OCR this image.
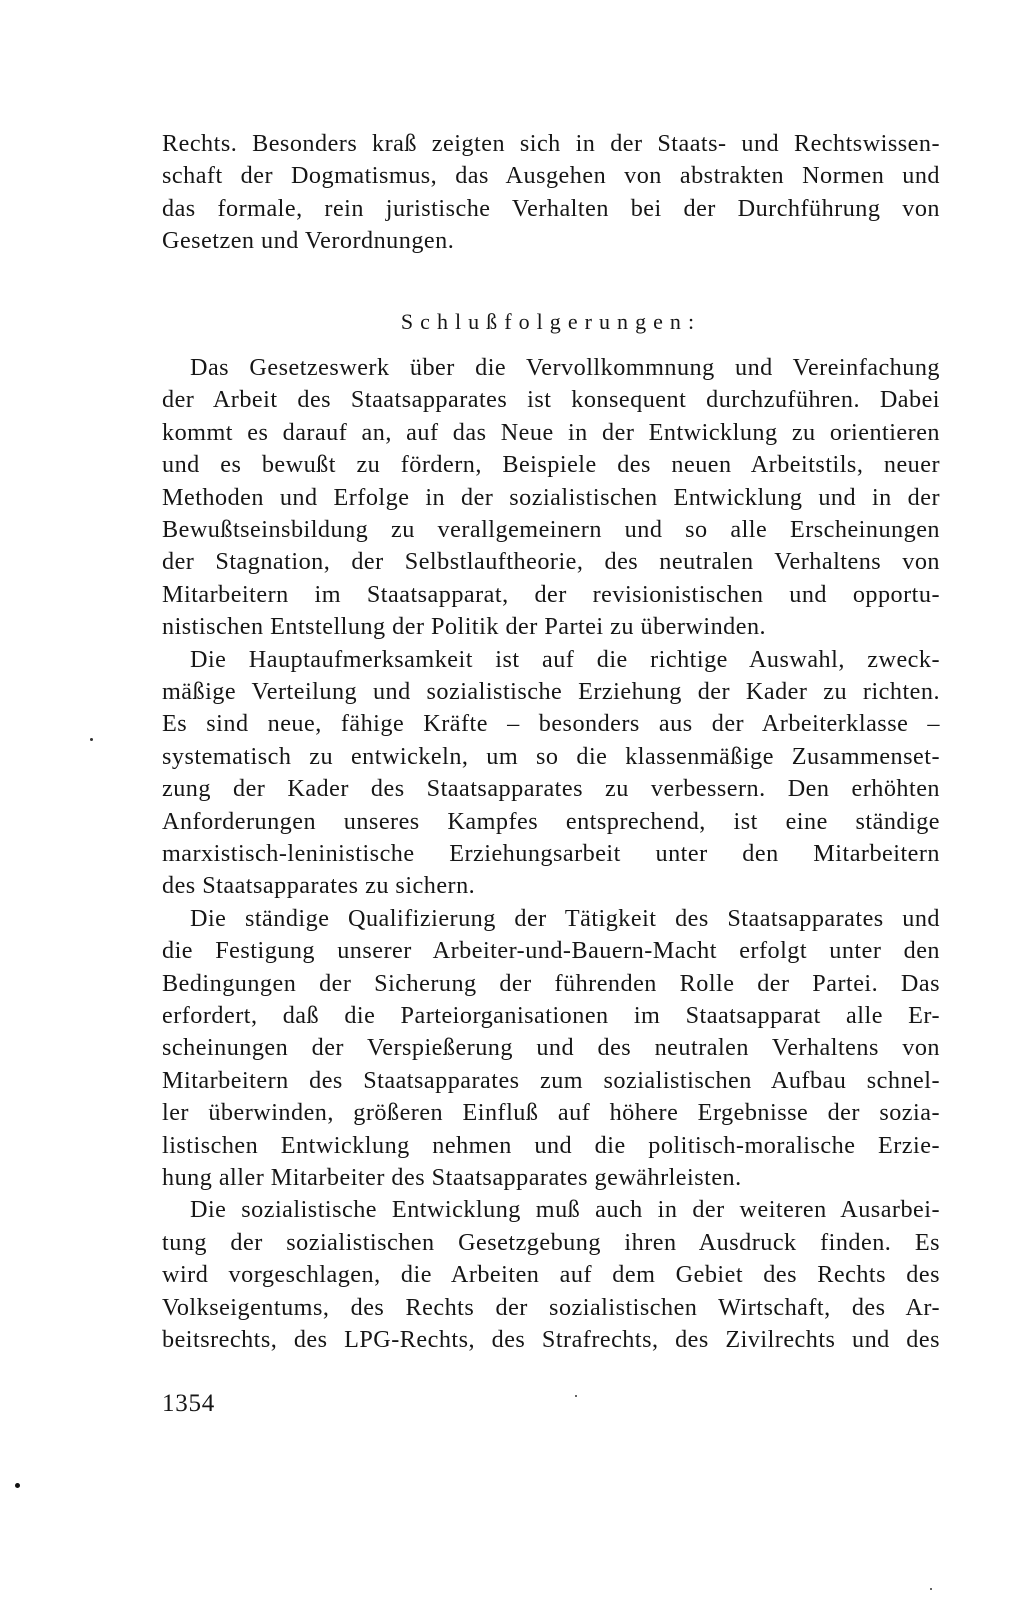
Rechts. Besonders kraß zeigten sich in der Staats- und Rechtswissen-
schaft der Dogmatismus, das Ausgehen von abstrakten Normen und
das formale, rein juristische Verhalten bei der Durchführung von
Gesetzen und Verordnungen.
Schlußfolgerungen:
Das Gesetzeswerk über die Vervollkommnung und Vereinfachung
der Arbeit des Staatsapparates ist konsequent durchzuführen. Dabei
kommt es darauf an, auf das Neue in der Entwicklung zu orientieren
und es bewußt zu fördern, Beispiele des neuen Arbeitstils, neuer
Methoden und Erfolge in der sozialistischen Entwicklung und in der
Bewußtseinsbildung zu verallgemeinern und so alle Erscheinungen
der Stagnation, der Selbstlauftheorie, des neutralen Verhaltens von
Mitarbeitern im Staatsapparat, der revisionistischen und opportu-
nistischen Entstellung der Politik der Partei zu überwinden.
Die Hauptaufmerksamkeit ist auf die richtige Auswahl, zweck-
mäßige Verteilung und sozialistische Erziehung der Kader zu richten.
Es sind neue, fähige Kräfte – besonders aus der Arbeiterklasse –
systematisch zu entwickeln, um so die klassenmäßige Zusammenset-
zung der Kader des Staatsapparates zu verbessern. Den erhöhten
Anforderungen unseres Kampfes entsprechend, ist eine ständige
marxistisch-leninistische Erziehungsarbeit unter den Mitarbeitern
des Staatsapparates zu sichern.
Die ständige Qualifizierung der Tätigkeit des Staatsapparates und
die Festigung unserer Arbeiter-und-Bauern-Macht erfolgt unter den
Bedingungen der Sicherung der führenden Rolle der Partei. Das
erfordert, daß die Parteiorganisationen im Staatsapparat alle Er-
scheinungen der Verspießerung und des neutralen Verhaltens von
Mitarbeitern des Staatsapparates zum sozialistischen Aufbau schnel-
ler überwinden, größeren Einfluß auf höhere Ergebnisse der sozia-
listischen Entwicklung nehmen und die politisch-moralische Erzie-
hung aller Mitarbeiter des Staatsapparates gewährleisten.
Die sozialistische Entwicklung muß auch in der weiteren Ausarbei-
tung der sozialistischen Gesetzgebung ihren Ausdruck finden. Es
wird vorgeschlagen, die Arbeiten auf dem Gebiet des Rechts des
Volkseigentums, des Rechts der sozialistischen Wirtschaft, des Ar-
beitsrechts, des LPG-Rechts, des Strafrechts, des Zivilrechts und des
1354
